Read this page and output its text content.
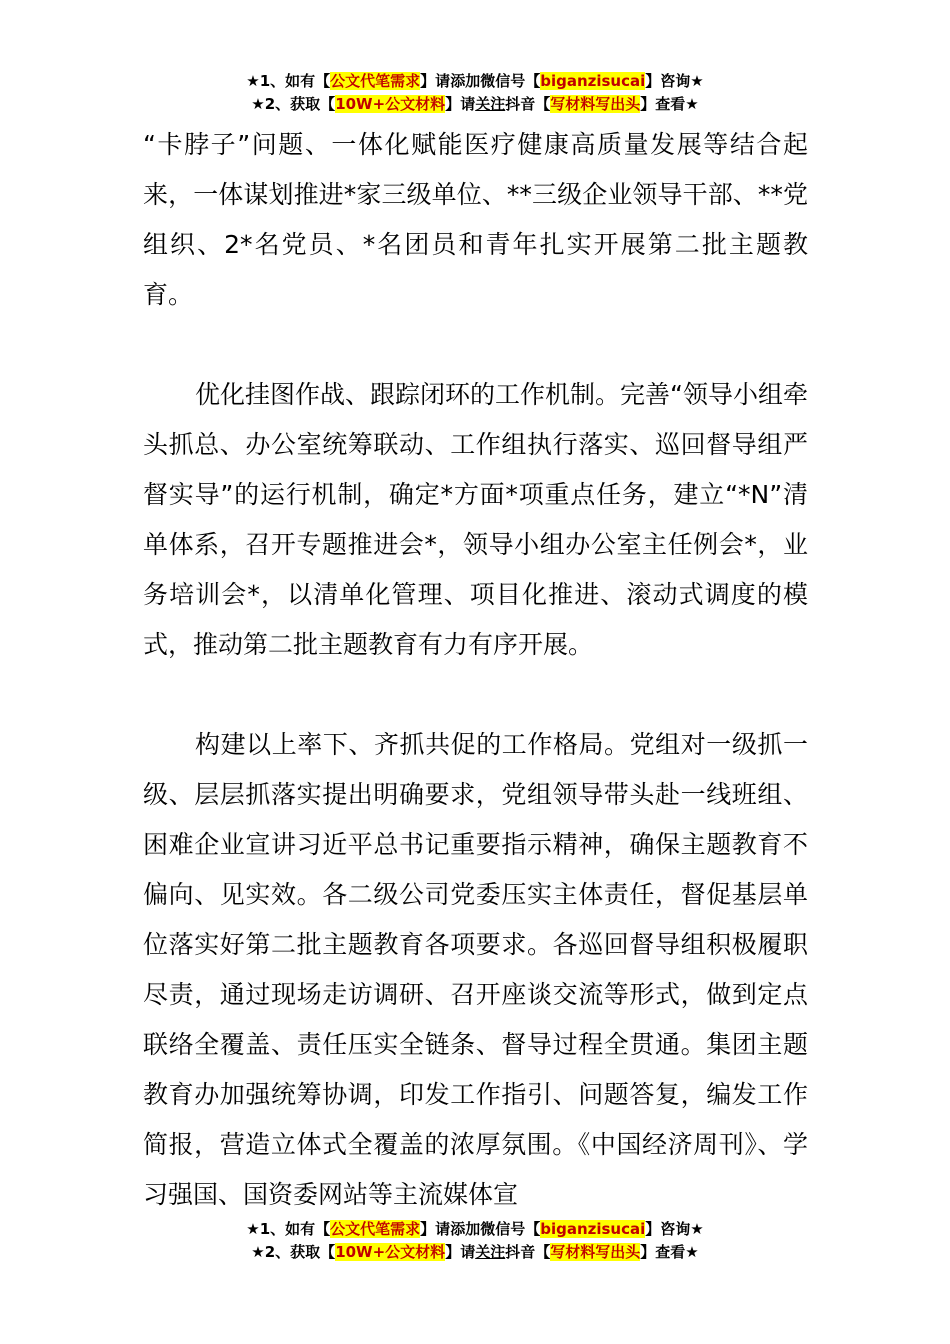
★1、如有【公文代笔需求】请添加微信号【biganzisucai】咨询★
★2、获取【10W+公文材料】请关注抖音【写材料写出头】查看★

“卡脖子”问题、一体化赋能医疗健康高质量发展等结合起来，一体谋划推进*家三级单位、**三级企业领导干部、**党组织、2*名党员、*名团员和青年扎实开展第二批主题教育。

优化挂图作战、跟踪闭环的工作机制。完善“领导小组牵头抓总、办公室统筹联动、工作组执行落实、巡回督导组严督实导”的运行机制，确定*方面*项重点任务，建立“*N”清单体系，召开专题推进会*，领导小组办公室主任例会*，业务培训会*，以清单化管理、项目化推进、滚动式调度的模式，推动第二批主题教育有力有序开展。

构建以上率下、齐抓共促的工作格局。党组对一级抓一级、层层抓落实提出明确要求，党组领导带头赴一线班组、困难企业宣讲习近平总书记重要指示精神，确保主题教育不偏向、见实效。各二级公司党委压实主体责任，督促基层单位落实好第二批主题教育各项要求。各巡回督导组积极履职尽责，通过现场走访调研、召开座谈交流等形式，做到定点联络全覆盖、责任压实全链条、督导过程全贯通。集团主题教育办加强统筹协调，印发工作指引、问题答复，编发工作简报，营造立体式全覆盖的浓厚氛围。《中国经济周刊》、学习强国、国资委网站等主流媒体宣

★1、如有【公文代笔需求】请添加微信号【biganzisucai】咨询★
★2、获取【10W+公文材料】请关注抖音【写材料写出头】查看★
